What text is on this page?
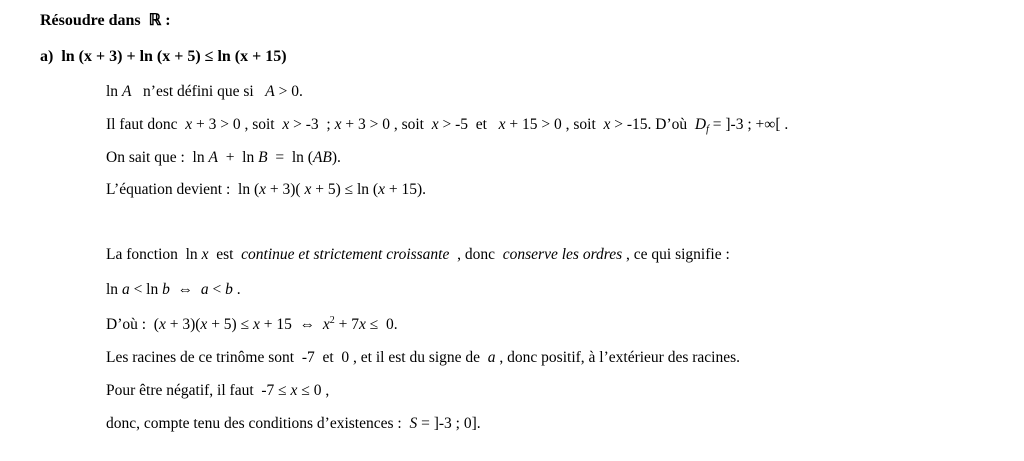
Résoudre dans ℝ :
a) ln (x + 3) + ln (x + 5) ≤ ln (x + 15)
ln A   n’est défini que si   A > 0.
Il faut donc  x + 3 > 0 , soit  x > -3  ; x + 3 > 0 , soit  x > -5  et   x + 15 > 0 , soit  x > -15. D’où  $D_f = ]-3$ ; +∞[ .
On sait que :  ln A  +  ln B  =  ln (AB).
L’équation devient :  ln (x + 3)( x + 5) ≤ ln (x + 15).
La fonction  ln x  est  continue et strictement croissante  , donc  conserve les ordres , ce qui signifie :
ln a < ln b  ⇔  a < b .
D’où :  (x + 3)(x + 5) ≤ x + 15  ⇔  $x^2 + 7x \le 0$.
Les racines de ce trinôme sont  -7  et  0 , et il est du signe de  a , donc positif, à l’extérieur des racines.
Pour être négatif, il faut  -7 ≤ x ≤ 0 ,
donc, compte tenu des conditions d’existences :  S = ]-3 ; 0].
